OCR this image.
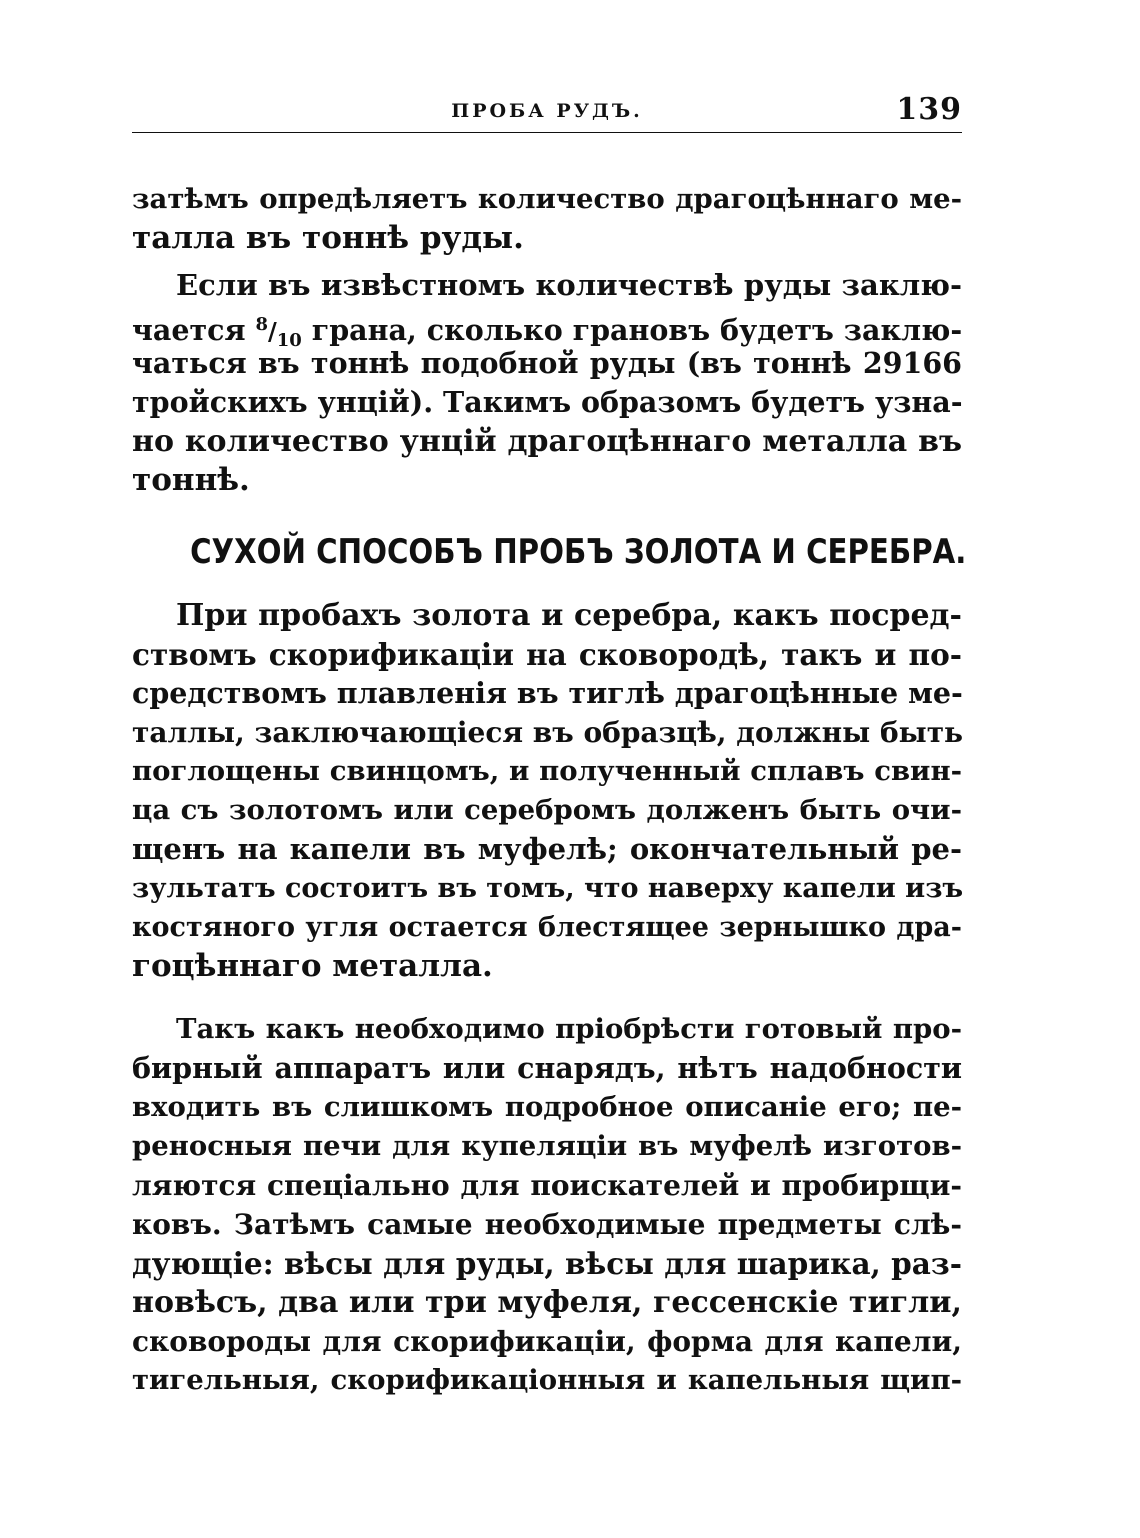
ПРОБА РУДЪ.	139
затѣмъ опредѣляетъ количество драгоцѣннаго ме-
талла въ тоннѣ руды.
Если въ извѣстномъ количествѣ руды заклю-
чается $^8/_{10}$ грана, сколько грановъ будетъ заклю-
чаться въ тоннѣ подобной руды (въ тоннѣ 29166
тройскихъ унцій). Такимъ образомъ будетъ узна-
но количество унцій драгоцѣннаго металла въ
тоннѣ.
СУХОЙ СПОСОБЪ ПРОБЪ ЗОЛОТА И СЕРЕБРА.
При пробахъ золота и серебра, какъ посред-
ствомъ скорификаціи на сковородѣ, такъ и по-
средствомъ плавленія въ тиглѣ драгоцѣнные ме-
таллы, заключающіеся въ образцѣ, должны быть
поглощены свинцомъ, и полученный сплавъ свин-
ца съ золотомъ или серебромъ долженъ быть очи-
щенъ на капели въ муфелѣ; окончательный ре-
зультатъ состоитъ въ томъ, что наверху капели изъ
костяного угля остается блестящее зернышко дра-
гоцѣннаго металла.
Такъ какъ необходимо пріобрѣсти готовый про-
бирный аппаратъ или снарядъ, нѣтъ надобности
входить въ слишкомъ подробное описаніе его; пе-
реносныя печи для купеляціи въ муфелѣ изготов-
ляются спеціально для поискателей и пробирщи-
ковъ. Затѣмъ самые необходимые предметы слѣ-
дующіе: вѣсы для руды, вѣсы для шарика, раз-
новѣсъ, два или три муфеля, гессенскіе тигли,
сковороды для скорификаціи, форма для капели,
тигельныя, скорификаціонныя и капельныя щип-
